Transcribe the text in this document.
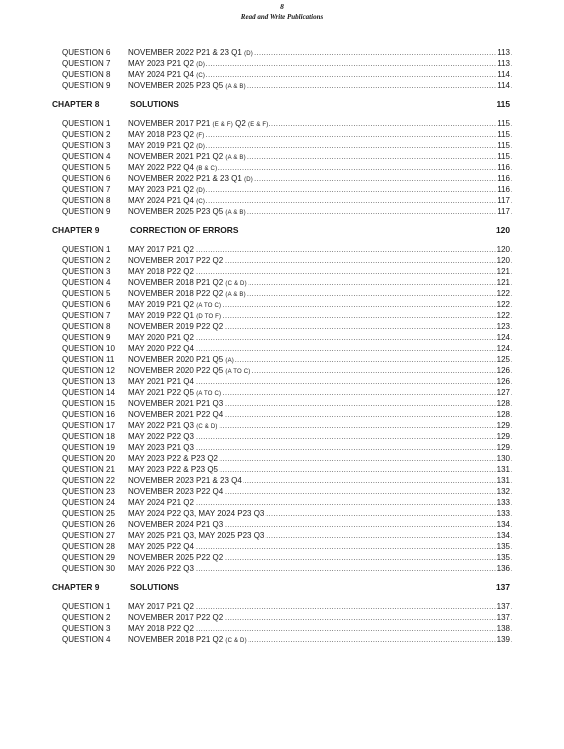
8
Read and Write Publications
QUESTION 6 NOVEMBER 2022 P21 & 23 Q1 (D) .....	113
QUESTION 7 MAY 2023 P21 Q2 (D) .....	113
QUESTION 8 MAY 2024 P21 Q4 (C) .....	114
QUESTION 9 NOVEMBER 2025 P23 Q5 (A & B) .....	114
CHAPTER 8	SOLUTIONS	115
QUESTION 1 NOVEMBER 2017 P21 (E & F) Q2 (E & F) .....	115
QUESTION 2 MAY 2018 P23 Q2 (F) .....	115
QUESTION 3 MAY 2019 P21 Q2 (D) .....	115
QUESTION 4 NOVEMBER 2021 P21 Q2 (A & B) .....	115
QUESTION 5 MAY 2022 P22 Q4 (B & C) .....	116
QUESTION 6 NOVEMBER 2022 P21 & 23 Q1 (D) .....	116
QUESTION 7 MAY 2023 P21 Q2 (D) .....	116
QUESTION 8 MAY 2024 P21 Q4 (C) .....	117
QUESTION 9 NOVEMBER 2025 P23 Q5 (A & B) .....	117
CHAPTER 9	CORRECTION OF ERRORS	120
QUESTION 1 MAY 2017 P21 Q2 .....	120
QUESTION 2 NOVEMBER 2017 P22 Q2 .....	120
QUESTION 3 MAY 2018 P22 Q2 .....	121
QUESTION 4 NOVEMBER 2018 P21 Q2 (C & D) .....	121
QUESTION 5 NOVEMBER 2018 P22 Q2 (A & B) .....	122
QUESTION 6 MAY 2019 P21 Q2 (A TO C) .....	122
QUESTION 7 MAY 2019 P22 Q1 (D TO F) .....	122
QUESTION 8 NOVEMBER 2019 P22 Q2 .....	123
QUESTION 9 MAY 2020 P21 Q2 .....	124
QUESTION 10 MAY 2020 P22 Q4 .....	124
QUESTION 11 NOVEMBER 2020 P21 Q5 (A) .....	125
QUESTION 12 NOVEMBER 2020 P22 Q5 (A TO C) .....	126
QUESTION 13 MAY 2021 P21 Q4 .....	126
QUESTION 14 MAY 2021 P22 Q5 (A TO C) .....	127
QUESTION 15 NOVEMBER 2021 P21 Q3 .....	128
QUESTION 16 NOVEMBER 2021 P22 Q4 .....	128
QUESTION 17 MAY 2022 P21 Q3 (C & D) .....	129
QUESTION 18 MAY 2022 P22 Q3 .....	129
QUESTION 19 MAY 2023 P21 Q3 .....	129
QUESTION 20 MAY 2023 P22 & P23 Q2 .....	130
QUESTION 21 MAY 2023 P22 & P23 Q5 .....	131
QUESTION 22 NOVEMBER 2023 P21 & 23 Q4 .....	131
QUESTION 23 NOVEMBER 2023 P22 Q4 .....	132
QUESTION 24 MAY 2024 P21 Q2 .....	133
QUESTION 25 MAY 2024 P22 Q3, MAY 2024 P23 Q3 .....	133
QUESTION 26 NOVEMBER 2024 P21 Q3 .....	134
QUESTION 27 MAY 2025 P21 Q3, MAY 2025 P23 Q3 .....	134
QUESTION 28 MAY 2025 P22 Q4 .....	135
QUESTION 29 NOVEMBER 2025 P22 Q2 .....	135
QUESTION 30 MAY 2026 P22 Q3 .....	136
CHAPTER 9	SOLUTIONS	137
QUESTION 1 MAY 2017 P21 Q2 .....	137
QUESTION 2 NOVEMBER 2017 P22 Q2 .....	137
QUESTION 3 MAY 2018 P22 Q2 .....	138
QUESTION 4 NOVEMBER 2018 P21 Q2 (C & D) .....	139
